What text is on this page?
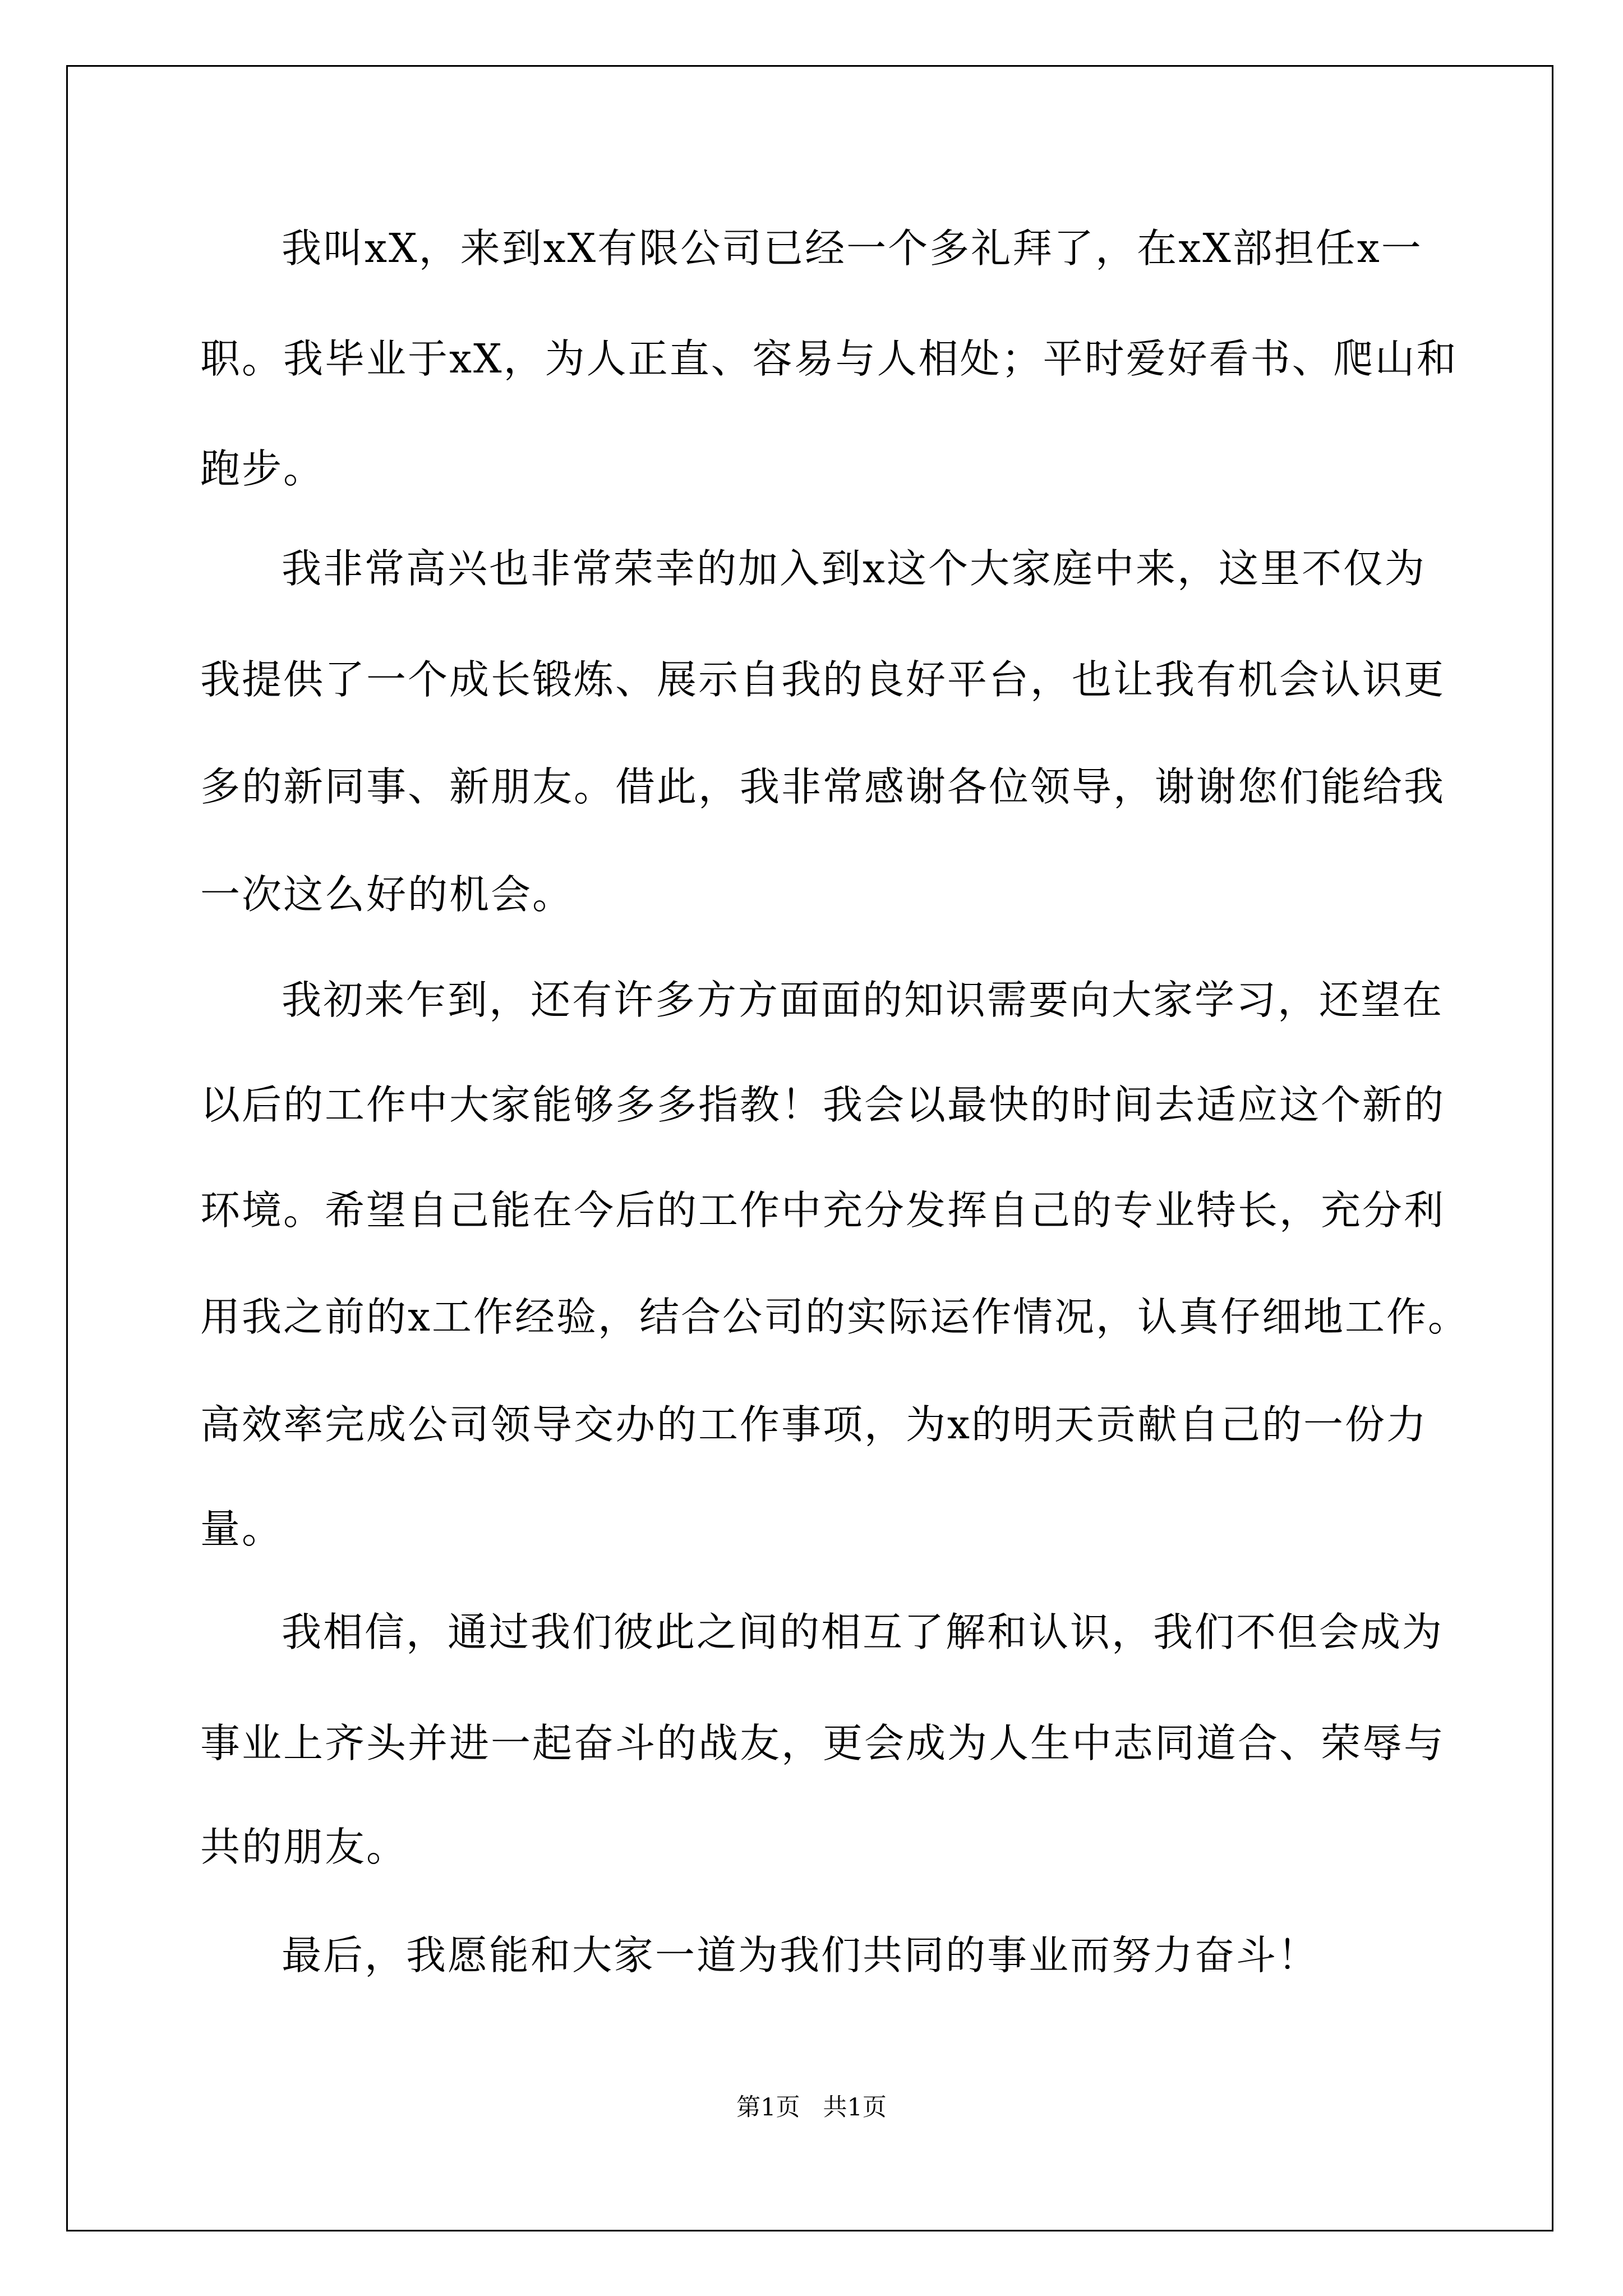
我叫xX，来到xX有限公司已经一个多礼拜了，在xX部担任x一
职。我毕业于xX，为人正直、容易与人相处；平时爱好看书、爬山和
跑步。
我非常高兴也非常荣幸的加入到x这个大家庭中来，这里不仅为
我提供了一个成长锻炼、展示自我的良好平台，也让我有机会认识更
多的新同事、新朋友。借此，我非常感谢各位领导，谢谢您们能给我
一次这么好的机会。
我初来乍到，还有许多方方面面的知识需要向大家学习，还望在
以后的工作中大家能够多多指教！我会以最快的时间去适应这个新的
环境。希望自己能在今后的工作中充分发挥自己的专业特长，充分利
用我之前的x工作经验，结合公司的实际运作情况，认真仔细地工作。
高效率完成公司领导交办的工作事项，为x的明天贡献自己的一份力
量。
我相信，通过我们彼此之间的相互了解和认识，我们不但会成为
事业上齐头并进一起奋斗的战友，更会成为人生中志同道合、荣辱与
共的朋友。
最后，我愿能和大家一道为我们共同的事业而努力奋斗！
第1页   共1页
